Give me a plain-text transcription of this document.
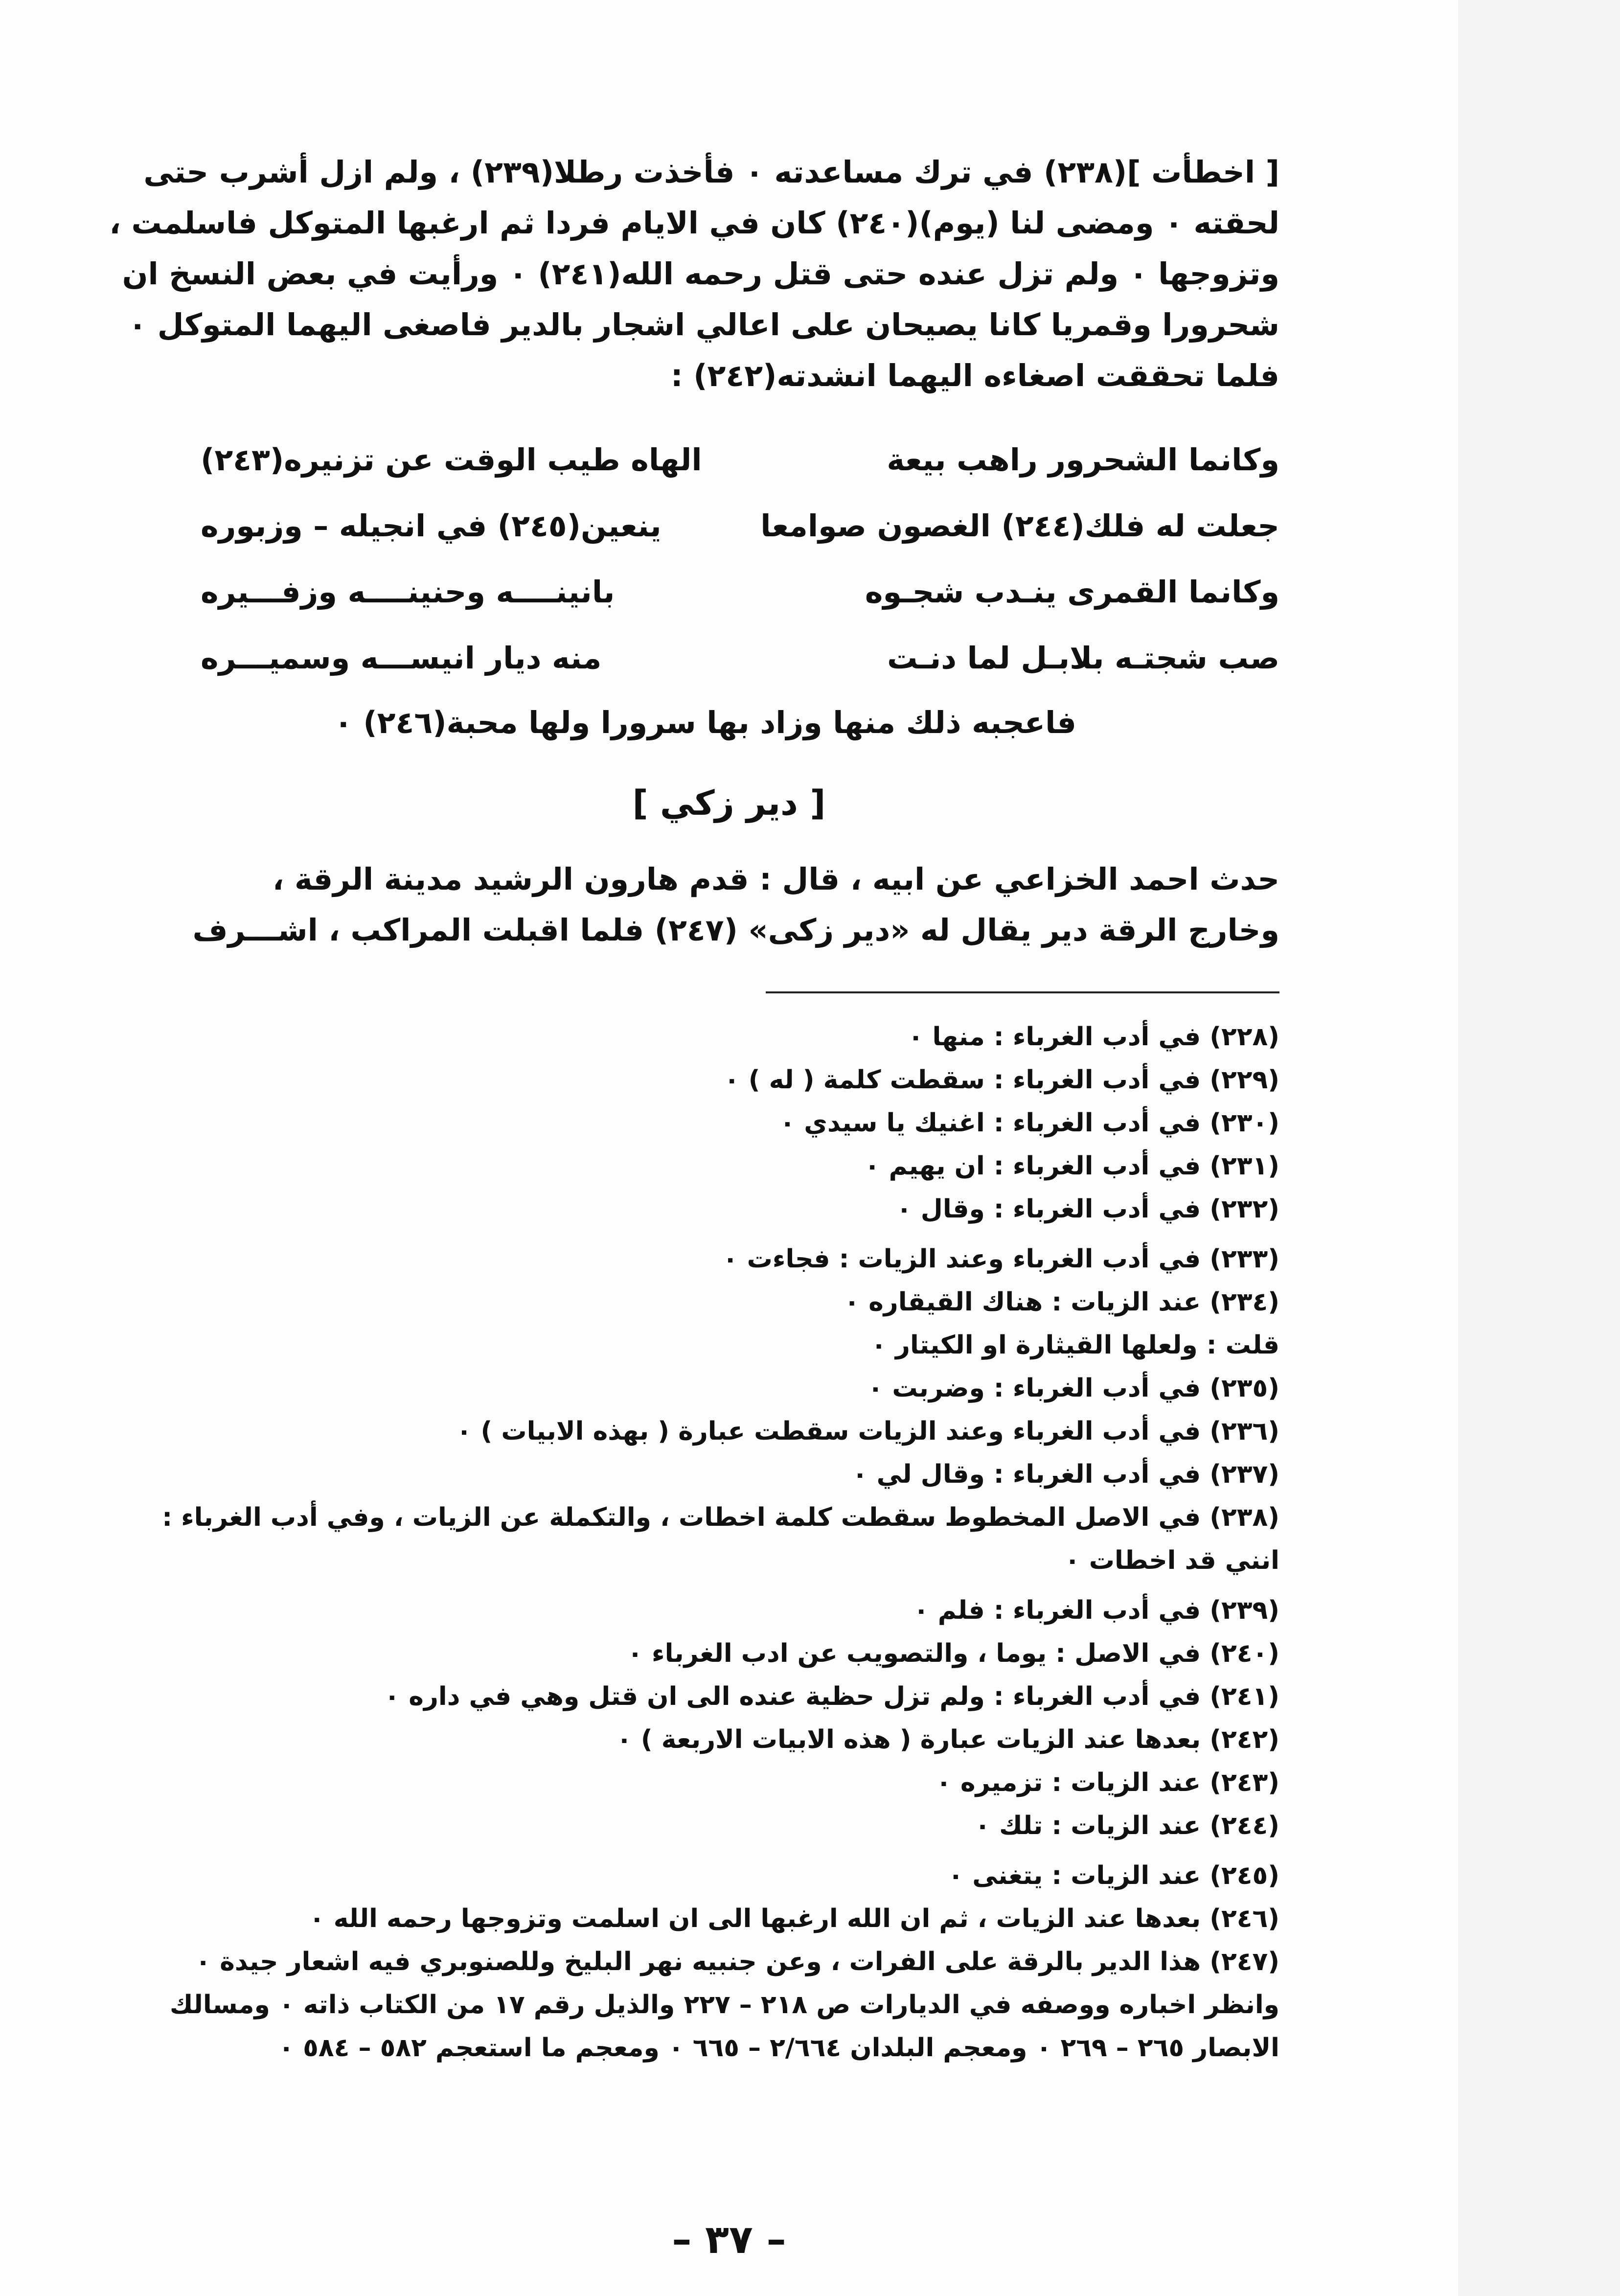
[ اخطأت ](٢٣٨) في ترك مساعدته ٠ فأخذت رطلا(٢٣٩) ، ولم ازل أشرب حتى
لحقته ٠ ومضى لنا (يوم)(٢٤٠) كان في الايام فردا ثم ارغبها المتوكل فاسلمت ،
وتزوجها ٠ ولم تزل عنده حتى قتل رحمه الله(٢٤١) ٠ ورأيت في بعض النسخ ان
شحرورا وقمريا كانا يصيحان على اعالي اشجار بالدير فاصغى اليهما المتوكل ٠
فلما تحققت اصغاءه اليهما انشدته(٢٤٢) :
وكانما الشحرور راهب بيعة
الهاه طيب الوقت عن تزنيره(٢٤٣)
جعلت له فلك(٢٤٤) الغصون صوامعا
ينعين(٢٤٥) في انجيله – وزبوره
وكانما القمرى ينـدب شجـوه
بانينــــه وحنينــــه وزفـــيره
صب شجتـه بلابـل لما دنـت
منه ديار انيســـه وسميـــره
فاعجبه ذلك منها وزاد بها سرورا ولها محبة(٢٤٦) ٠
[ دير زكي ]
حدث احمد الخزاعي عن ابيه ، قال : قدم هارون الرشيد مدينة الرقة ،
وخارج الرقة دير يقال له «دير زكى» (٢٤٧) فلما اقبلت المراكب ، اشـــرف
(٢٢٨) في أدب الغرباء : منها ٠
(٢٢٩) في أدب الغرباء : سقطت كلمة ( له ) ٠
(٢٣٠) في أدب الغرباء : اغنيك يا سيدي ٠
(٢٣١) في أدب الغرباء : ان يهيم ٠
(٢٣٢) في أدب الغرباء : وقال ٠
(٢٣٣) في أدب الغرباء وعند الزيات : فجاءت ٠
(٢٣٤) عند الزيات : هناك القيقاره ٠
قلت : ولعلها القيثارة او الكيتار ٠
(٢٣٥) في أدب الغرباء : وضربت ٠
(٢٣٦) في أدب الغرباء وعند الزيات سقطت عبارة ( بهذه الابيات ) ٠
(٢٣٧) في أدب الغرباء : وقال لي ٠
(٢٣٨) في الاصل المخطوط سقطت كلمة اخطات ، والتكملة عن الزيات ، وفي أدب الغرباء :
انني قد اخطات ٠
(٢٣٩) في أدب الغرباء : فلم ٠
(٢٤٠) في الاصل : يوما ، والتصويب عن ادب الغرباء ٠
(٢٤١) في أدب الغرباء : ولم تزل حظية عنده الى ان قتل وهي في داره ٠
(٢٤٢) بعدها عند الزيات عبارة ( هذه الابيات الاربعة ) ٠
(٢٤٣) عند الزيات : تزميره ٠
(٢٤٤) عند الزيات : تلك ٠
(٢٤٥) عند الزيات : يتغنى ٠
(٢٤٦) بعدها عند الزيات ، ثم ان الله ارغبها الى ان اسلمت وتزوجها رحمه الله ٠
(٢٤٧) هذا الدير بالرقة على الفرات ، وعن جنبيه نهر البليخ وللصنوبري فيه اشعار جيدة ٠
وانظر اخباره ووصفه في الديارات ص ٢١٨ – ٢٢٧ والذيل رقم ١٧ من الكتاب ذاته ٠ ومسالك
الابصار ٢٦٥ – ٢٦٩ ٠ ومعجم البلدان ٢/٦٦٤ – ٦٦٥ ٠ ومعجم ما استعجم ٥٨٢ – ٥٨٤ ٠
– ٣٧ –
